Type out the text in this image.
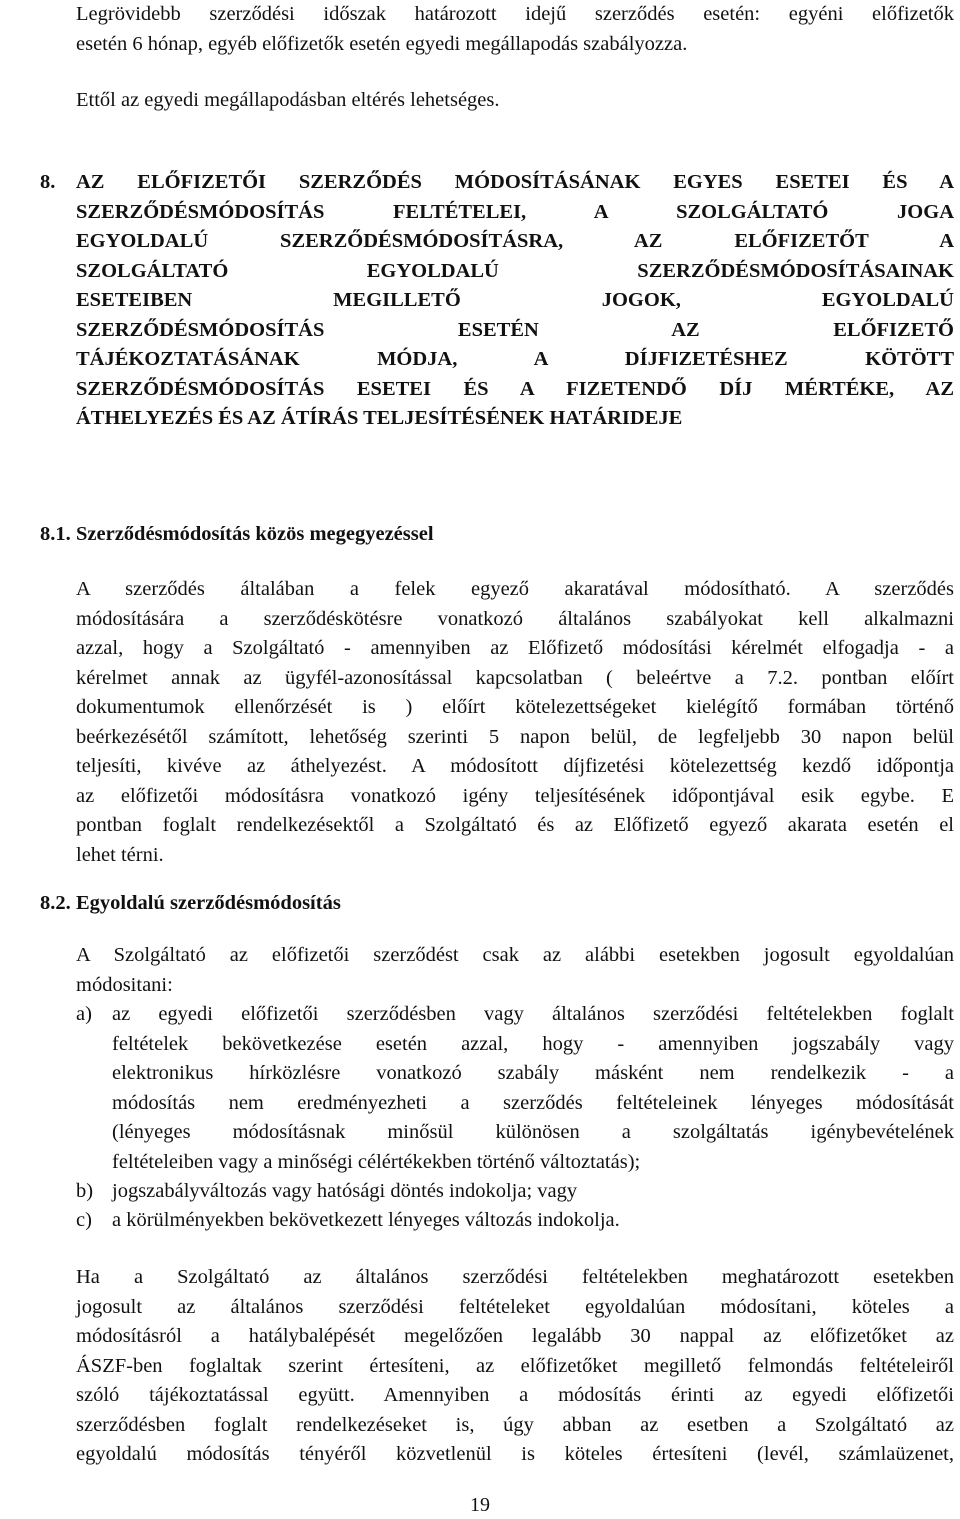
Legrövidebb szerződési időszak határozott idejű szerződés esetén: egyéni előfizetők
esetén 6 hónap, egyéb előfizetők esetén egyedi megállapodás szabályozza.
Ettől az egyedi megállapodásban eltérés lehetséges.
8. AZ ELŐFIZETŐI SZERZŐDÉS MÓDOSÍTÁSÁNAK EGYES ESETEI ÉS A
SZERZŐDÉSMÓDOSÍTÁS FELTÉTELEI, A SZOLGÁLTATÓ JOGA
EGYOLDALÚ SZERZŐDÉSMÓDOSÍTÁSRA, AZ ELŐFIZETŐT A
SZOLGÁLTATÓ EGYOLDALÚ SZERZŐDÉSMÓDOSÍTÁSAINAK
ESETEIBEN MEGILLETŐ JOGOK, EGYOLDALÚ
SZERZŐDÉSMÓDOSÍTÁS ESETÉN AZ ELŐFIZETŐ
TÁJÉKOZTATÁSÁNAK MÓDJA, A DÍJFIZETÉSHEZ KÖTÖTT
SZERZŐDÉSMÓDOSÍTÁS ESETEI ÉS A FIZETENDŐ DÍJ MÉRTÉKE, AZ
ÁTHELYEZÉS ÉS AZ ÁTÍRÁS TELJESÍTÉSÉNEK HATÁRIDEJE
8.1. Szerződésmódosítás közös megegyezéssel
A szerződés általában a felek egyező akaratával módosítható. A szerződés
módosítására a szerződéskötésre vonatkozó általános szabályokat kell alkalmazni
azzal, hogy a Szolgáltató - amennyiben az Előfizető módosítási kérelmét elfogadja - a
kérelmet annak az ügyfél-azonosítással kapcsolatban ( beleértve a 7.2. pontban előírt
dokumentumok ellenőrzését is ) előírt kötelezettségeket kielégítő formában történő
beérkezésétől számított, lehetőség szerinti 5 napon belül, de legfeljebb 30 napon belül
teljesíti, kivéve az áthelyezést. A módosított díjfizetési kötelezettség kezdő időpontja
az előfizetői módosításra vonatkozó igény teljesítésének időpontjával esik egybe. E
pontban foglalt rendelkezésektől a Szolgáltató és az Előfizető egyező akarata esetén el
lehet térni.
8.2. Egyoldalú szerződésmódosítás
A Szolgáltató az előfizetői szerződést csak az alábbi esetekben jogosult egyoldalúan
módositani:
a) az egyedi előfizetői szerződésben vagy általános szerződési feltételekben foglalt
feltételek bekövetkezése esetén azzal, hogy - amennyiben jogszabály vagy
elektronikus hírközlésre vonatkozó szabály másként nem rendelkezik - a
módosítás nem eredményezheti a szerződés feltételeinek lényeges módosítását
(lényeges módosításnak minősül különösen a szolgáltatás igénybevételének
feltételeiben vagy a minőségi célértékekben történő változtatás);
b) jogszabályváltozás vagy hatósági döntés indokolja; vagy
c) a körülményekben bekövetkezett lényeges változás indokolja.
Ha a Szolgáltató az általános szerződési feltételekben meghatározott esetekben
jogosult az általános szerződési feltételeket egyoldalúan módosítani, köteles a
módosításról a hatálybalépését megelőzően legalább 30 nappal az előfizetőket az
ÁSZF-ben foglaltak szerint értesíteni, az előfizetőket megillető felmondás feltételeiről
szóló tájékoztatással együtt. Amennyiben a módosítás érinti az egyedi előfizetői
szerződésben foglalt rendelkezéseket is, úgy abban az esetben a Szolgáltató az
egyoldalú módosítás tényéről közvetlenül is köteles értesíteni (levél, számlaüzenet,
19
